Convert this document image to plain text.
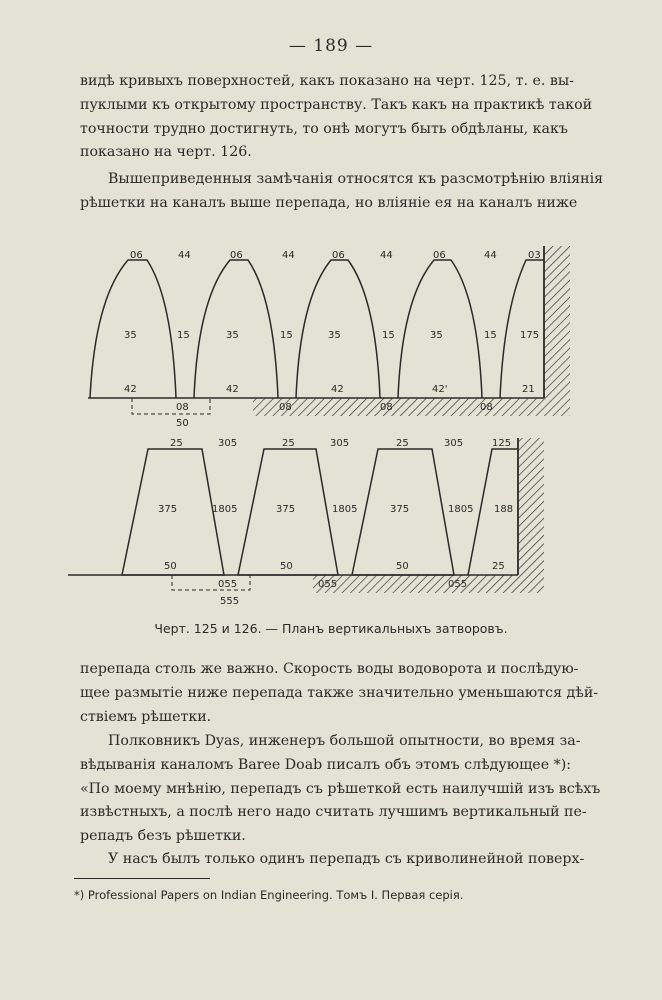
— 189 —

видѣ кривыхъ поверхностей, какъ показано на черт. 125, т. е. вы-
пуклыми къ открытому пространству. Такъ какъ на практикѣ такой
точности трудно достигнуть, то онѣ могутъ быть обдѣланы, какъ
показано на черт. 126.

Вышеприведенныя замѣчанія относятся къ разсмотрѣнію вліянія
рѣшетки на каналъ выше перепада, но вліяніе ея на каналъ ниже

06	44	06	44	06	44	06	44	03
35	15	35	15	35	15	35	15 175
42	42	42	42'	21
08	08	08	08
50
25	305	25	305	25	305	125
375	1805	375	1805	375	1805 188
50	50	50	25
055	055	055
555
Черт. 125 и 126. — Планъ вертикальныхъ затворовъ.

перепада столь же важно. Скорость воды водоворота и послѣдую-
щее размытіе ниже перепада также значительно уменьшаются дѣй-
ствіемъ рѣшетки.

Полковникъ Dyas, инженеръ большой опытности, во время за-
вѣдыванія каналомъ Baree Doab писалъ объ этомъ слѣдующее *):
«По моему мнѣнію, перепадъ съ рѣшеткой есть наилучшій изъ всѣхъ
извѣстныхъ, а послѣ него надо считать лучшимъ вертикальный пе-
репадъ безъ рѣшетки.

У насъ былъ только одинъ перепадъ съ криволинейной поверх-

*) Professional Papers on Indian Engineering. Томъ I. Первая серія.
